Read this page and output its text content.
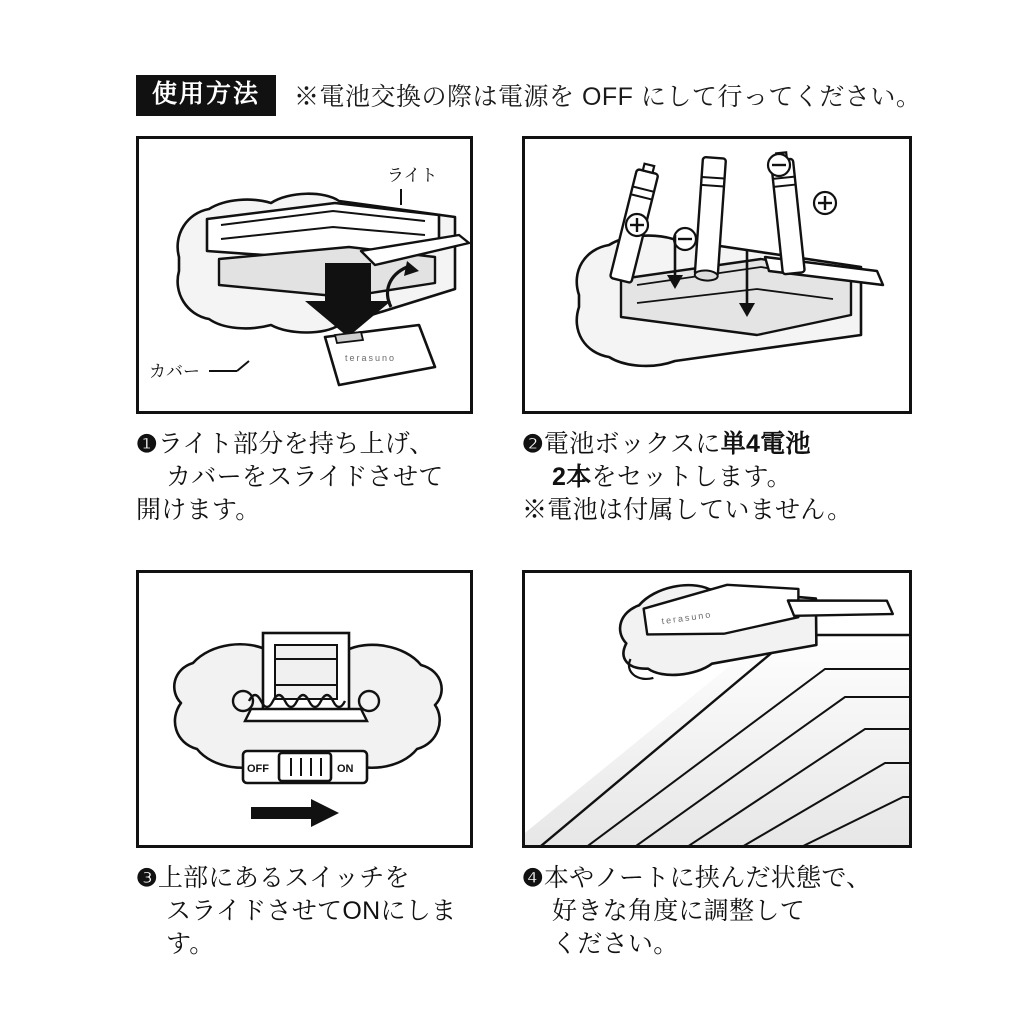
使用方法	※電池交換の際は電源を OFF にして行ってください。
terasuno
ライト
カバー
❶ライト部分を持ち上げ、
カバーをスライドさせて
開けます。
❷電池ボックスに単4電池
2本をセットします。
※電池は付属していません。
OFF	ON
❸上部にあるスイッチを
スライドさせてONにします。
terasuno
❹本やノートに挟んだ状態で、
好きな角度に調整して
ください。
